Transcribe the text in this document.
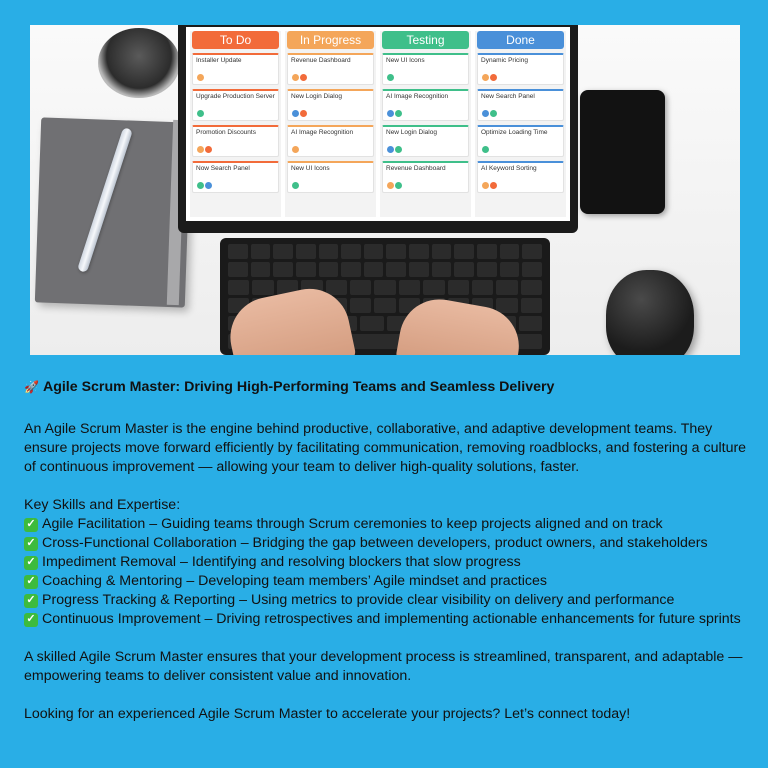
To Do
Installer Update
Upgrade Production Server
Promotion Discounts
Now Search Panel
In Progress
Revenue Dashboard
New Login Dialog
AI Image Recognition
New UI Icons
Testing
New UI Icons
AI Image Recognition
New Login Dialog
Revenue Dashboard
Done
Dynamic Pricing
New Search Panel
Optimize Loading Time
AI Keyword Sorting
🚀 Agile Scrum Master: Driving High-Performing Teams and Seamless Delivery

An Agile Scrum Master is the engine behind productive, collaborative, and adaptive development teams. They ensure projects move forward efficiently by facilitating communication, removing roadblocks, and fostering a culture of continuous improvement — allowing your team to deliver high-quality solutions, faster.

Key Skills and Expertise:
✓ Agile Facilitation – Guiding teams through Scrum ceremonies to keep projects aligned and on track
✓ Cross-Functional Collaboration – Bridging the gap between developers, product owners, and stakeholders
✓ Impediment Removal – Identifying and resolving blockers that slow progress
✓ Coaching & Mentoring – Developing team members’ Agile mindset and practices
✓ Progress Tracking & Reporting – Using metrics to provide clear visibility on delivery and performance
✓ Continuous Improvement – Driving retrospectives and implementing actionable enhancements for future sprints

A skilled Agile Scrum Master ensures that your development process is streamlined, transparent, and adaptable — empowering teams to deliver consistent value and innovation.

Looking for an experienced Agile Scrum Master to accelerate your projects? Let’s connect today!
